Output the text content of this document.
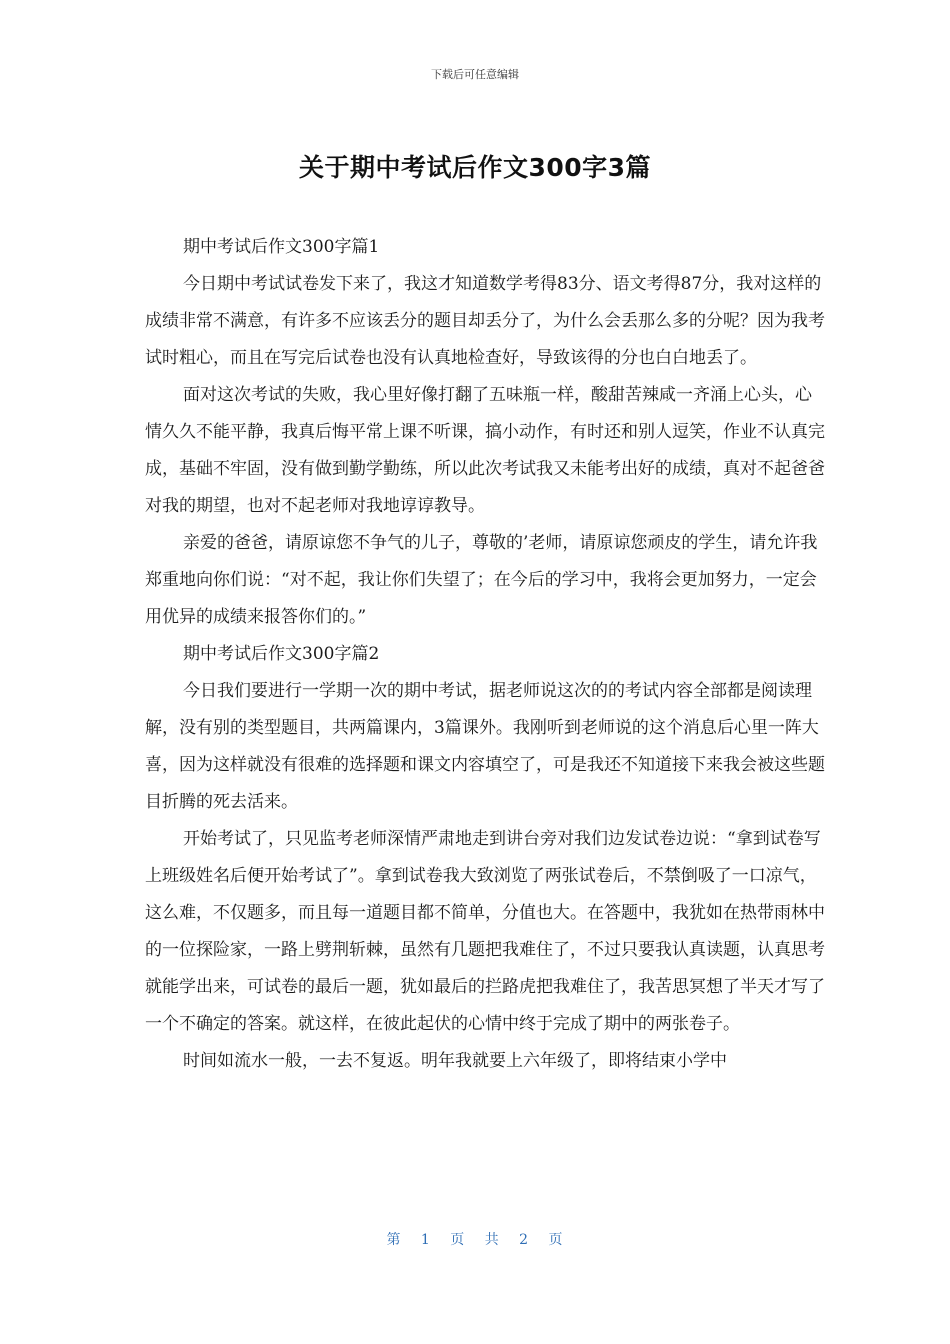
下载后可任意编辑
关于期中考试后作文300字3篇

期中考试后作文300字篇1

今日期中考试试卷发下来了，我这才知道数学考得83分、语文考得87分，我对这样的成绩非常不满意，有许多不应该丢分的题目却丢分了，为什么会丢那么多的分呢？因为我考试时粗心，而且在写完后试卷也没有认真地检查好，导致该得的分也白白地丢了。

面对这次考试的失败，我心里好像打翻了五味瓶一样，酸甜苦辣咸一齐涌上心头，心情久久不能平静，我真后悔平常上课不听课，搞小动作，有时还和别人逗笑，作业不认真完成，基础不牢固，没有做到勤学勤练，所以此次考试我又未能考出好的成绩，真对不起爸爸对我的期望，也对不起老师对我地谆谆教导。

亲爱的爸爸，请原谅您不争气的儿子，尊敬的’老师，请原谅您顽皮的学生，请允许我郑重地向你们说：“对不起，我让你们失望了；在今后的学习中，我将会更加努力，一定会用优异的成绩来报答你们的。”

期中考试后作文300字篇2

今日我们要进行一学期一次的期中考试，据老师说这次的的考试内容全部都是阅读理解，没有别的类型题目，共两篇课内，3篇课外。我刚听到老师说的这个消息后心里一阵大喜，因为这样就没有很难的选择题和课文内容填空了，可是我还不知道接下来我会被这些题目折腾的死去活来。

开始考试了，只见监考老师深情严肃地走到讲台旁对我们边发试卷边说：“拿到试卷写上班级姓名后便开始考试了”。拿到试卷我大致浏览了两张试卷后，不禁倒吸了一口凉气，这么难，不仅题多，而且每一道题目都不简单，分值也大。在答题中，我犹如在热带雨林中的一位探险家，一路上劈荆斩棘，虽然有几题把我难住了，不过只要我认真读题，认真思考就能学出来，可试卷的最后一题，犹如最后的拦路虎把我难住了，我苦思冥想了半天才写了一个不确定的答案。就这样，在彼此起伏的心情中终于完成了期中的两张卷子。

时间如流水一般，一去不复返。明年我就要上六年级了，即将结束小学中

第 1 页 共 2 页
